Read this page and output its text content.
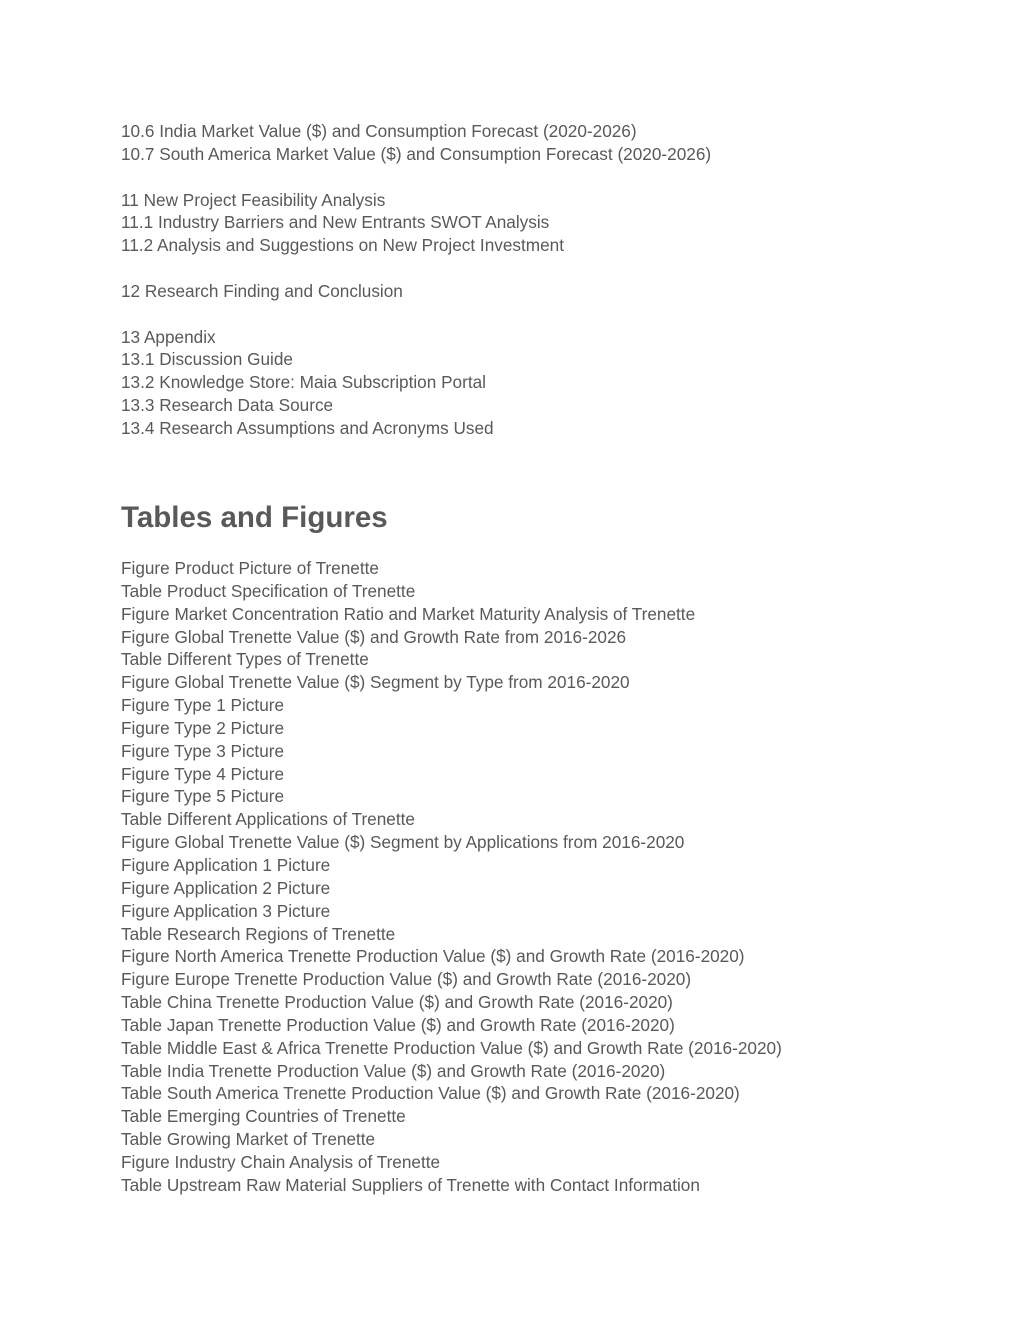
10.6 India Market Value ($) and Consumption Forecast (2020-2026)

10.7 South America Market Value ($) and Consumption Forecast (2020-2026)

11 New Project Feasibility Analysis

11.1 Industry Barriers and New Entrants SWOT Analysis

11.2 Analysis and Suggestions on New Project Investment

12 Research Finding and Conclusion

13 Appendix

13.1 Discussion Guide

13.2 Knowledge Store: Maia Subscription Portal

13.3 Research Data Source

13.4 Research Assumptions and Acronyms Used

Tables and Figures

Figure Product Picture of Trenette

Table Product Specification of Trenette

Figure Market Concentration Ratio and Market Maturity Analysis of Trenette

Figure Global Trenette Value ($) and Growth Rate from 2016-2026

Table Different Types of Trenette

Figure Global Trenette Value ($) Segment by Type from 2016-2020

Figure Type 1 Picture

Figure Type 2 Picture

Figure Type 3 Picture

Figure Type 4 Picture

Figure Type 5 Picture

Table Different Applications of Trenette

Figure Global Trenette Value ($) Segment by Applications from 2016-2020

Figure Application 1 Picture

Figure Application 2 Picture

Figure Application 3 Picture

Table Research Regions of Trenette

Figure North America Trenette Production Value ($) and Growth Rate (2016-2020)

Figure Europe Trenette Production Value ($) and Growth Rate (2016-2020)

Table China Trenette Production Value ($) and Growth Rate (2016-2020)

Table Japan Trenette Production Value ($) and Growth Rate (2016-2020)

Table Middle East & Africa Trenette Production Value ($) and Growth Rate (2016-2020)

Table India Trenette Production Value ($) and Growth Rate (2016-2020)

Table South America Trenette Production Value ($) and Growth Rate (2016-2020)

Table Emerging Countries of Trenette

Table Growing Market of Trenette

Figure Industry Chain Analysis of Trenette

Table Upstream Raw Material Suppliers of Trenette with Contact Information
